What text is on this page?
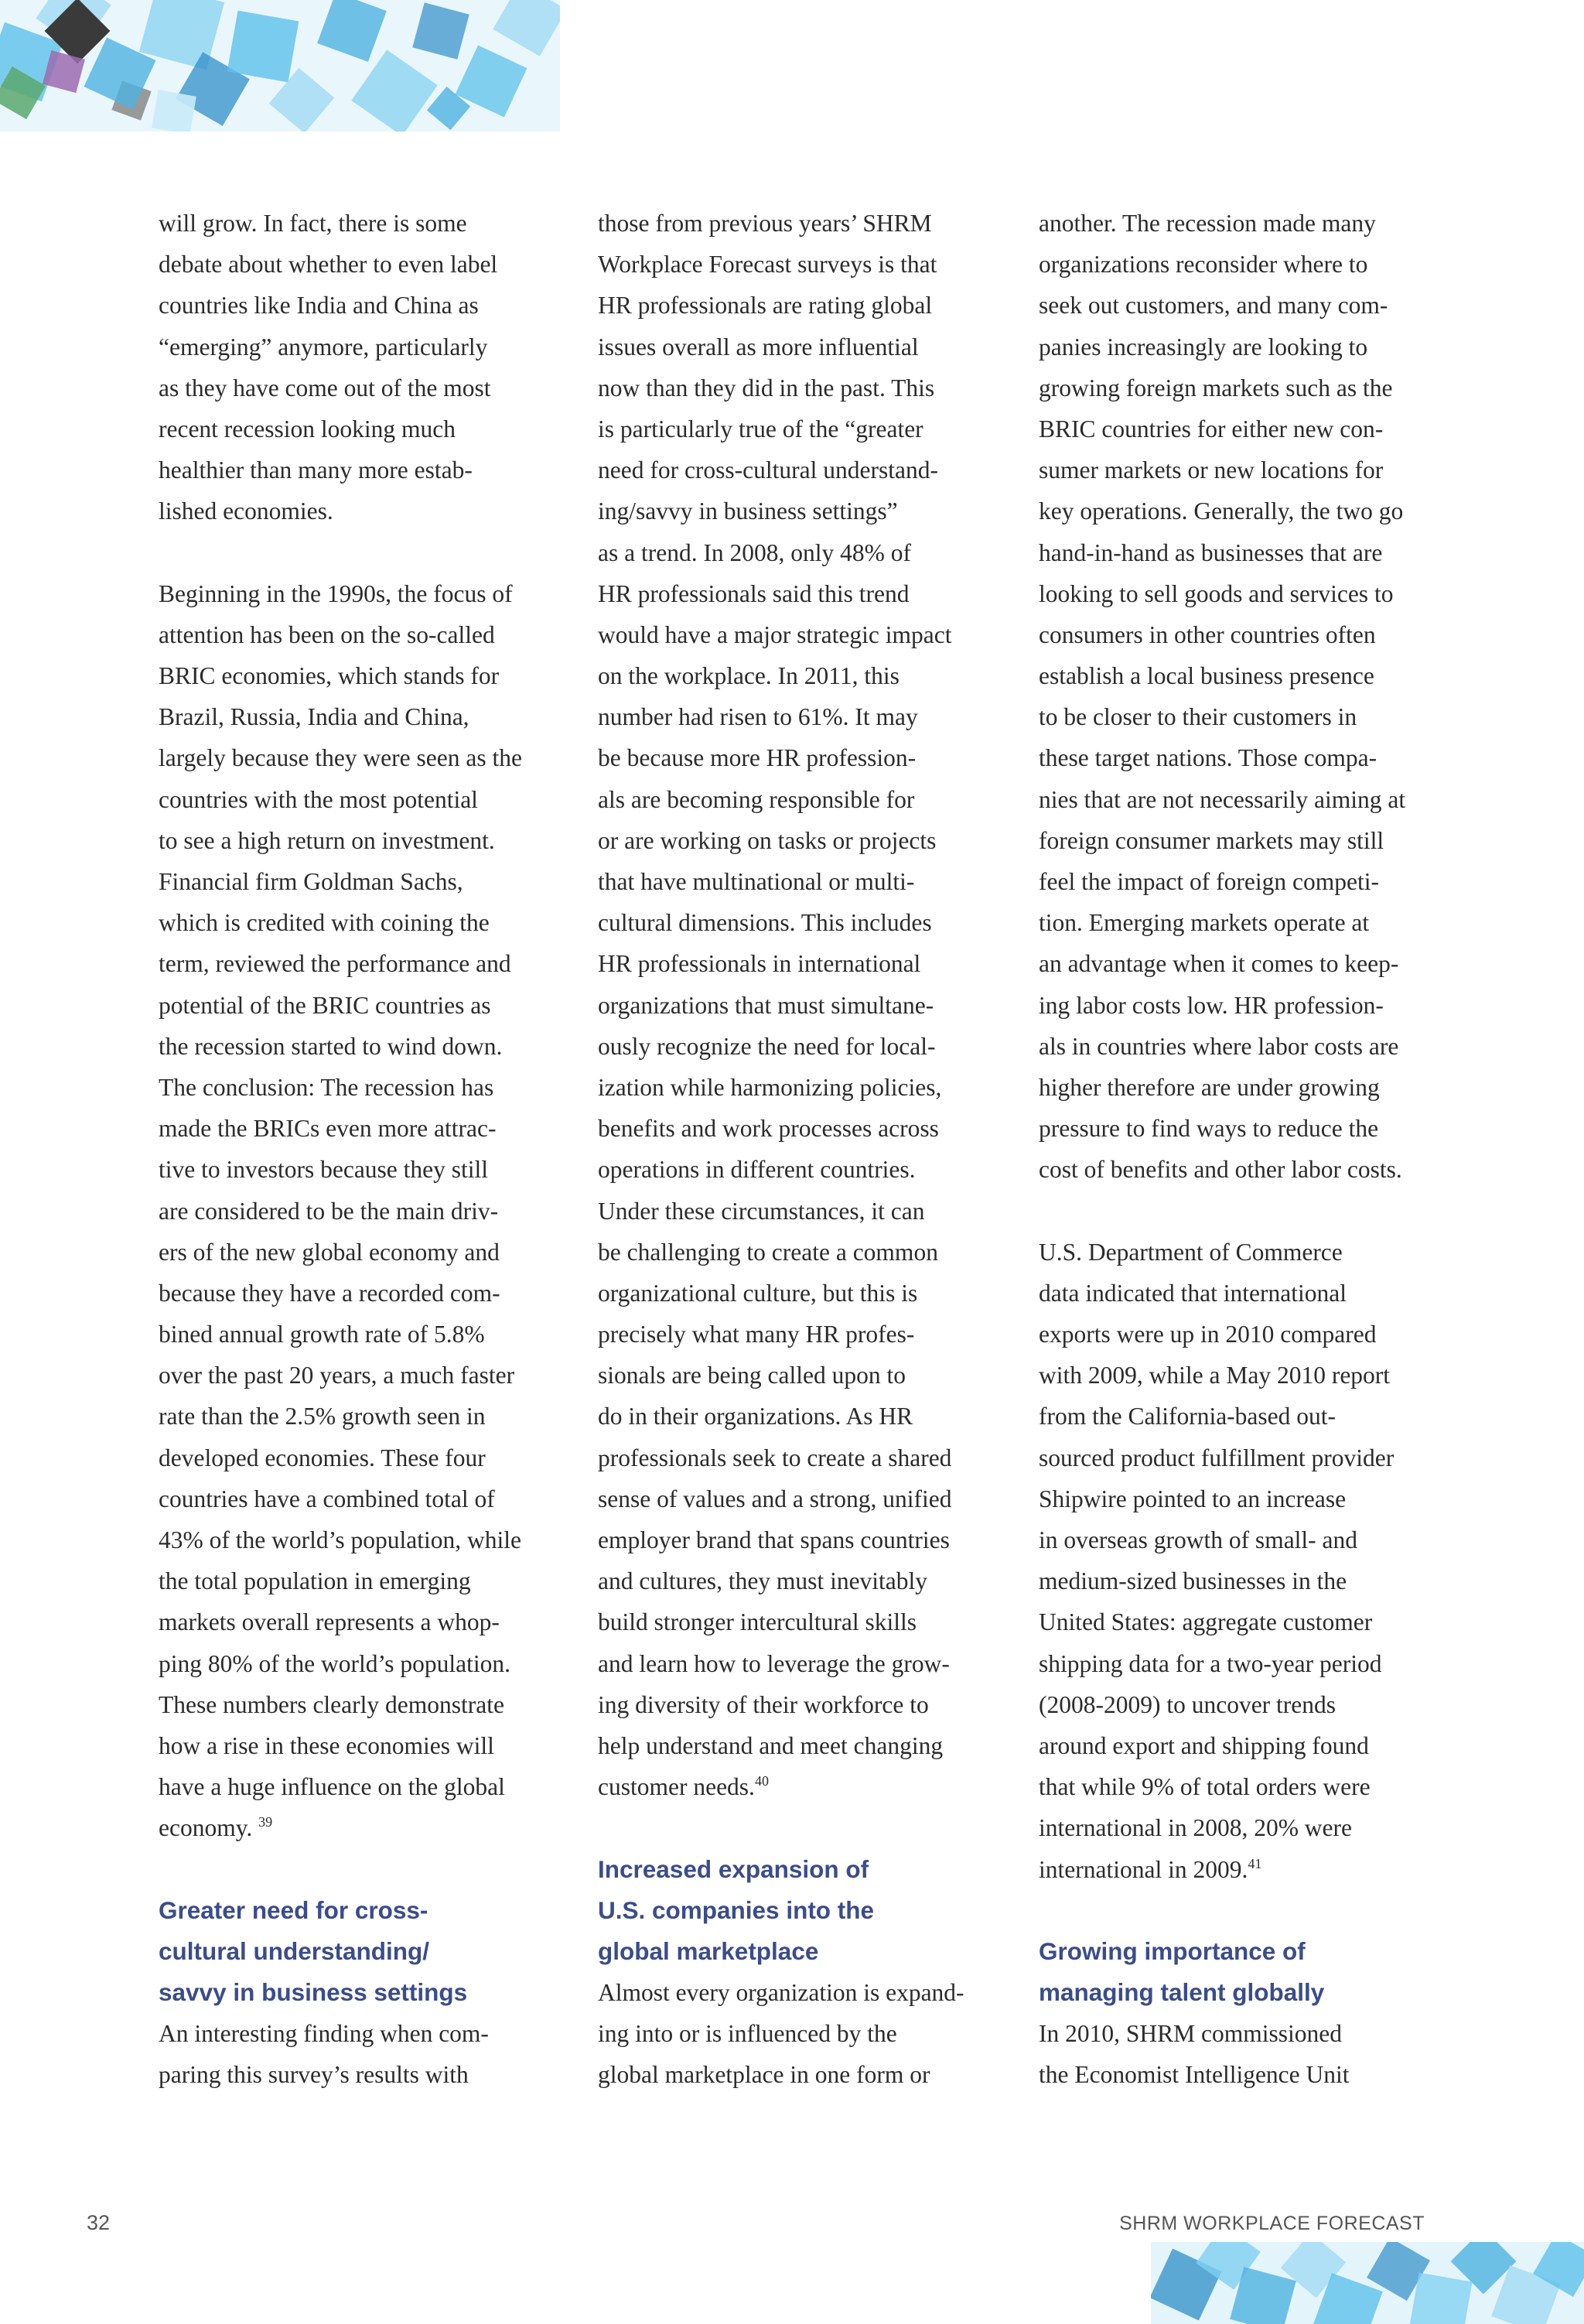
will grow. In fact, there is some
debate about whether to even label
countries like India and China as
“emerging” anymore, particularly
as they have come out of the most
recent recession looking much
healthier than many more estab-
lished economies.
Beginning in the 1990s, the focus of
attention has been on the so-called
BRIC economies, which stands for
Brazil, Russia, India and China,
largely because they were seen as the
countries with the most potential
to see a high return on investment.
Financial firm Goldman Sachs,
which is credited with coining the
term, reviewed the performance and
potential of the BRIC countries as
the recession started to wind down.
The conclusion: The recession has
made the BRICs even more attrac-
tive to investors because they still
are considered to be the main driv-
ers of the new global economy and
because they have a recorded com-
bined annual growth rate of 5.8%
over the past 20 years, a much faster
rate than the 2.5% growth seen in
developed economies. These four
countries have a combined total of
43% of the world’s population, while
the total population in emerging
markets overall represents a whop-
ping 80% of the world’s population.
These numbers clearly demonstrate
how a rise in these economies will
have a huge influence on the global
economy. $^{39}$
Greater need for cross-
cultural understanding/
savvy in business settings
An interesting finding when com-
paring this survey’s results with
those from previous years’ SHRM
Workplace Forecast surveys is that
HR professionals are rating global
issues overall as more influential
now than they did in the past. This
is particularly true of the “greater
need for cross-cultural understand-
ing/savvy in business settings”
as a trend. In 2008, only 48% of
HR professionals said this trend
would have a major strategic impact
on the workplace. In 2011, this
number had risen to 61%. It may
be because more HR profession-
als are becoming responsible for
or are working on tasks or projects
that have multinational or multi-
cultural dimensions. This includes
HR professionals in international
organizations that must simultane-
ously recognize the need for local-
ization while harmonizing policies,
benefits and work processes across
operations in different countries.
Under these circumstances, it can
be challenging to create a common
organizational culture, but this is
precisely what many HR profes-
sionals are being called upon to
do in their organizations. As HR
professionals seek to create a shared
sense of values and a strong, unified
employer brand that spans countries
and cultures, they must inevitably
build stronger intercultural skills
and learn how to leverage the grow-
ing diversity of their workforce to
help understand and meet changing
customer needs.$^{40}$
Increased expansion of
U.S. companies into the
global marketplace
Almost every organization is expand-
ing into or is influenced by the
global marketplace in one form or
another. The recession made many
organizations reconsider where to
seek out customers, and many com-
panies increasingly are looking to
growing foreign markets such as the
BRIC countries for either new con-
sumer markets or new locations for
key operations. Generally, the two go
hand-in-hand as businesses that are
looking to sell goods and services to
consumers in other countries often
establish a local business presence
to be closer to their customers in
these target nations. Those compa-
nies that are not necessarily aiming at
foreign consumer markets may still
feel the impact of foreign competi-
tion. Emerging markets operate at
an advantage when it comes to keep-
ing labor costs low. HR profession-
als in countries where labor costs are
higher therefore are under growing
pressure to find ways to reduce the
cost of benefits and other labor costs.
U.S. Department of Commerce
data indicated that international
exports were up in 2010 compared
with 2009, while a May 2010 report
from the California-based out-
sourced product fulfillment provider
Shipwire pointed to an increase
in overseas growth of small- and
medium-sized businesses in the
United States: aggregate customer
shipping data for a two-year period
(2008-2009) to uncover trends
around export and shipping found
that while 9% of total orders were
international in 2008, 20% were
international in 2009.41
Growing importance of
managing talent globally
In 2010, SHRM commissioned
the Economist Intelligence Unit
32	SHRM WORKPLACE FORECAST
